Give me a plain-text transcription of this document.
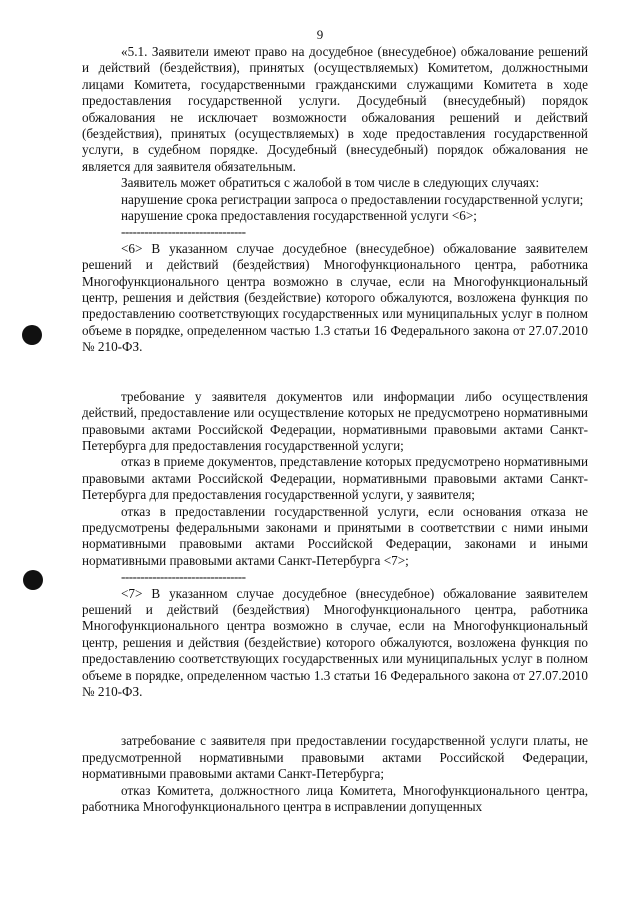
9

«5.1. Заявители имеют право на досудебное (внесудебное) обжалование решений и действий (бездействия), принятых (осуществляемых) Комитетом, должностными лицами Комитета, государственными гражданскими служащими Комитета в ходе предоставления государственной услуги. Досудебный (внесудебный) порядок обжалования не исключает возможности обжалования решений и действий (бездействия), принятых (осуществляемых) в ходе предоставления государственной услуги, в судебном порядке. Досудебный (внесудебный) порядок обжалования не является для заявителя обязательным.

Заявитель может обратиться с жалобой в том числе в следующих случаях:

нарушение срока регистрации запроса о предоставлении государственной услуги;

нарушение срока предоставления государственной услуги <6>;

--------------------------------

<6> В указанном случае досудебное (внесудебное) обжалование заявителем решений и действий (бездействия) Многофункционального центра, работника Многофункционального центра возможно в случае, если на Многофункциональный центр, решения и действия (бездействие) которого обжалуются, возложена функция по предоставлению соответствующих государственных или муниципальных услуг в полном объеме в порядке, определенном частью 1.3 статьи 16 Федерального закона от 27.07.2010 № 210-ФЗ.

требование у заявителя документов или информации либо осуществления действий, предоставление или осуществление которых не предусмотрено нормативными правовыми актами Российской Федерации, нормативными правовыми актами Санкт-Петербурга для предоставления государственной услуги;

отказ в приеме документов, представление которых предусмотрено нормативными правовыми актами Российской Федерации, нормативными правовыми актами Санкт-Петербурга для предоставления государственной услуги, у заявителя;

отказ в предоставлении государственной услуги, если основания отказа не предусмотрены федеральными законами и принятыми в соответствии с ними иными нормативными правовыми актами Российской Федерации, законами и иными нормативными правовыми актами Санкт-Петербурга <7>;

--------------------------------

<7> В указанном случае досудебное (внесудебное) обжалование заявителем решений и действий (бездействия) Многофункционального центра, работника Многофункционального центра возможно в случае, если на Многофункциональный центр, решения и действия (бездействие) которого обжалуются, возложена функция по предоставлению соответствующих государственных или муниципальных услуг в полном объеме в порядке, определенном частью 1.3 статьи 16 Федерального закона от 27.07.2010 № 210-ФЗ.

затребование с заявителя при предоставлении государственной услуги платы, не предусмотренной нормативными правовыми актами Российской Федерации, нормативными правовыми актами Санкт-Петербурга;

отказ Комитета, должностного лица Комитета, Многофункционального центра, работника Многофункционального центра в исправлении допущенных
